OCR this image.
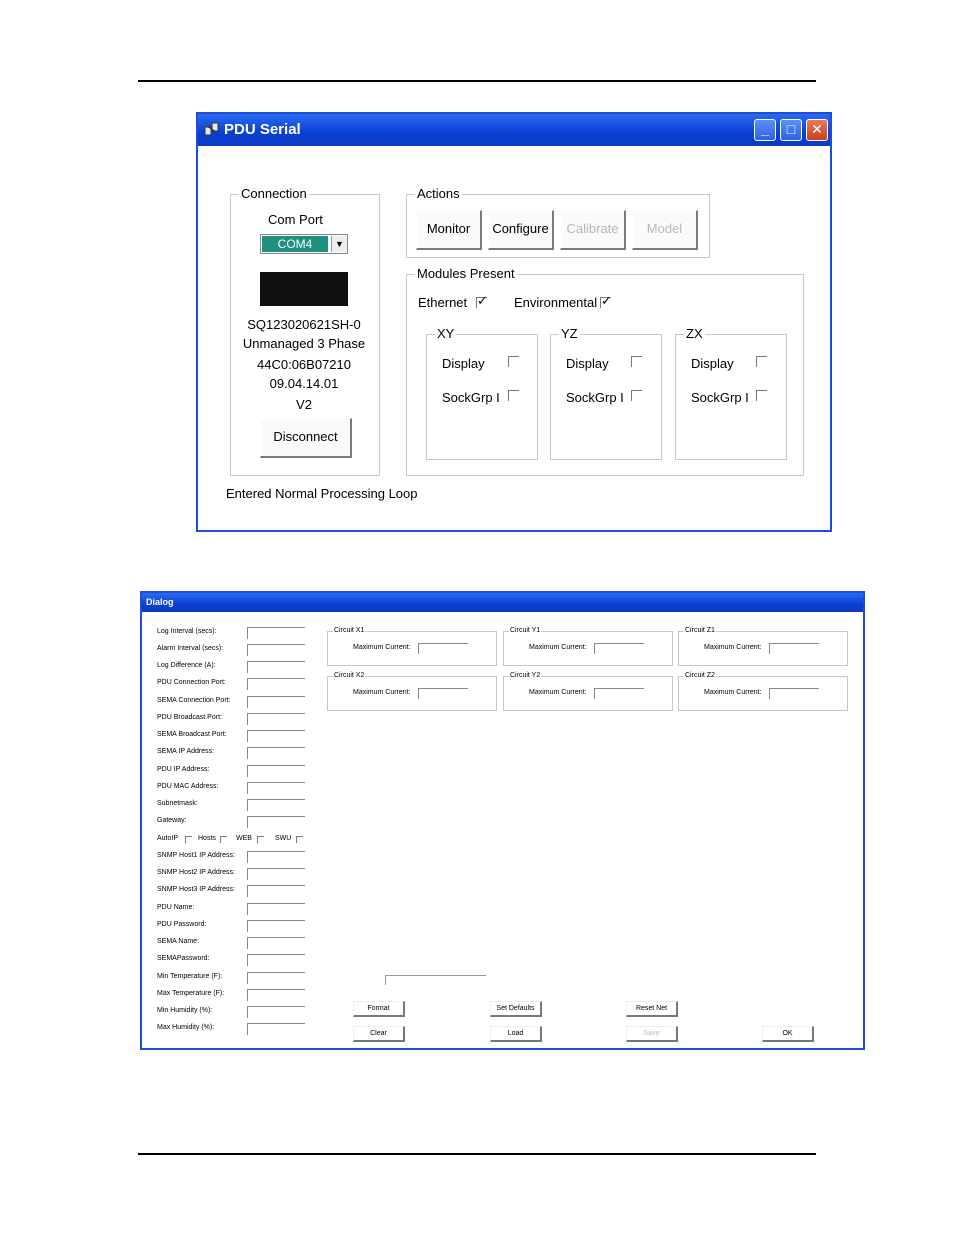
PDU Serial	_	□	✕
Connection
Com Port
COM4	▼
SQ123020621SH-0
Unmanaged 3 Phase
44C0:06B07210
09.04.14.01
V2
Disconnect
Actions
Monitor	Configure	Calibrate	Model
Modules Present
Ethernet
✓	Environmental
✓
XY
Display
SockGrp I
YZ
Display
SockGrp I
ZX
Display
SockGrp I
Entered Normal Processing Loop
Dialog
Log Interval (secs):
Alarm Interval (secs):
Log Difference (A):
PDU Connection Port:
SEMA Connection Port:
PDU Broadcast Port:
SEMA Broadcast Port:
SEMA IP Address:
PDU IP Address:
PDU MAC Address:
Subnetmask:
Gateway:
AutoIP	Hosts	WEB	SWU
SNMP Host1 IP Address:
SNMP Host2 IP Address:
SNMP Host3 IP Address:
PDU Name:
PDU Password:
SEMA Name:
SEMAPassword:
Min Temperature (F):
Max Temperature (F):
Min Humidity (%):
Max Humidity (%):
Circuit X1
Maximum Current:
Circuit Y1
Maximum Current:
Circuit Z1
Maximum Current:
Circuit X2
Maximum Current:
Circuit Y2
Maximum Current:
Circuit Z2
Maximum Current:
Format	Set Defaults	Reset Net
Clear	Load	Save	OK
